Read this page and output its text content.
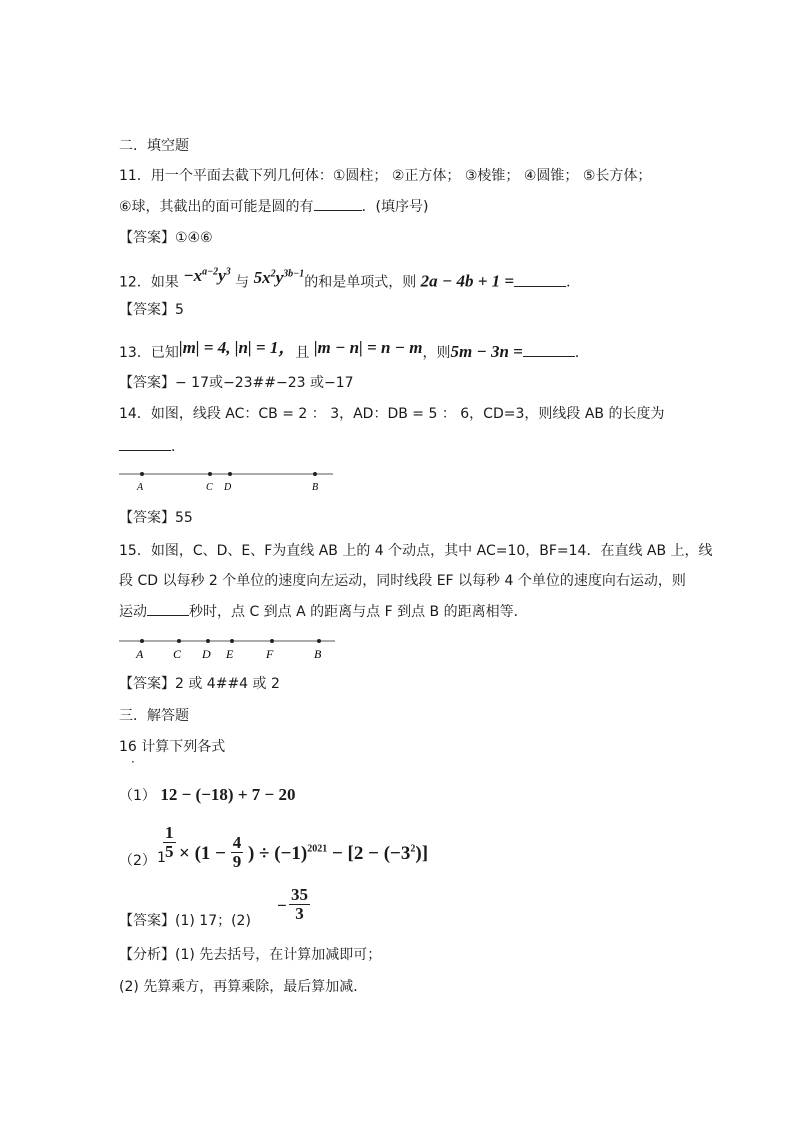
二．填空题
11．用一个平面去截下列几何体：①圆柱； ②正方体； ③棱锥； ④圆锥； ⑤长方体；
⑥球，其截出的面可能是圆的有	．(填序号)
【答案】①④⑥
12．如果 $-x^{a-2}y^3$ 与 $5x^2y^{3b-1}$的和是单项式，则 2a − 4b + 1 =	．
【答案】5
13．已知|m| = 4, |n| = 1，且 |m − n| = n − m，则5m − 3n =	．
【答案】− 17或−23##−23 或−17
14．如图，线段 AC：CB = 2 ： 3，AD：DB = 5 ： 6，CD=3，则线段 AB 的长度为
．
A	C D	B
【答案】55
15．如图，C、D、E、F为直线 AB 上的 4 个动点，其中 AC=10，BF=14．在直线 AB 上，线
段 CD 以每秒 2 个单位的速度向左运动，同时线段 EF 以每秒 4 个单位的速度向右运动，则
运动	秒时，点 C 到点 A 的距离与点 F 到点 B 的距离相等．
A C D E	F	B
【答案】2 或 4##4 或 2
三．解答题
16 计算下列各式
·
（1） 12 − (−18) + 7 − 20
（2） 1
$\frac{1}{5} \times (1 - \frac{4}{9}$ ) ÷ $(-1)^{2021} - [2 - (-3^2)]$
【答案】(1) 17；(2)
− $\frac{35}{3}$
【分析】(1) 先去括号，在计算加减即可；
(2) 先算乘方，再算乘除，最后算加减．
